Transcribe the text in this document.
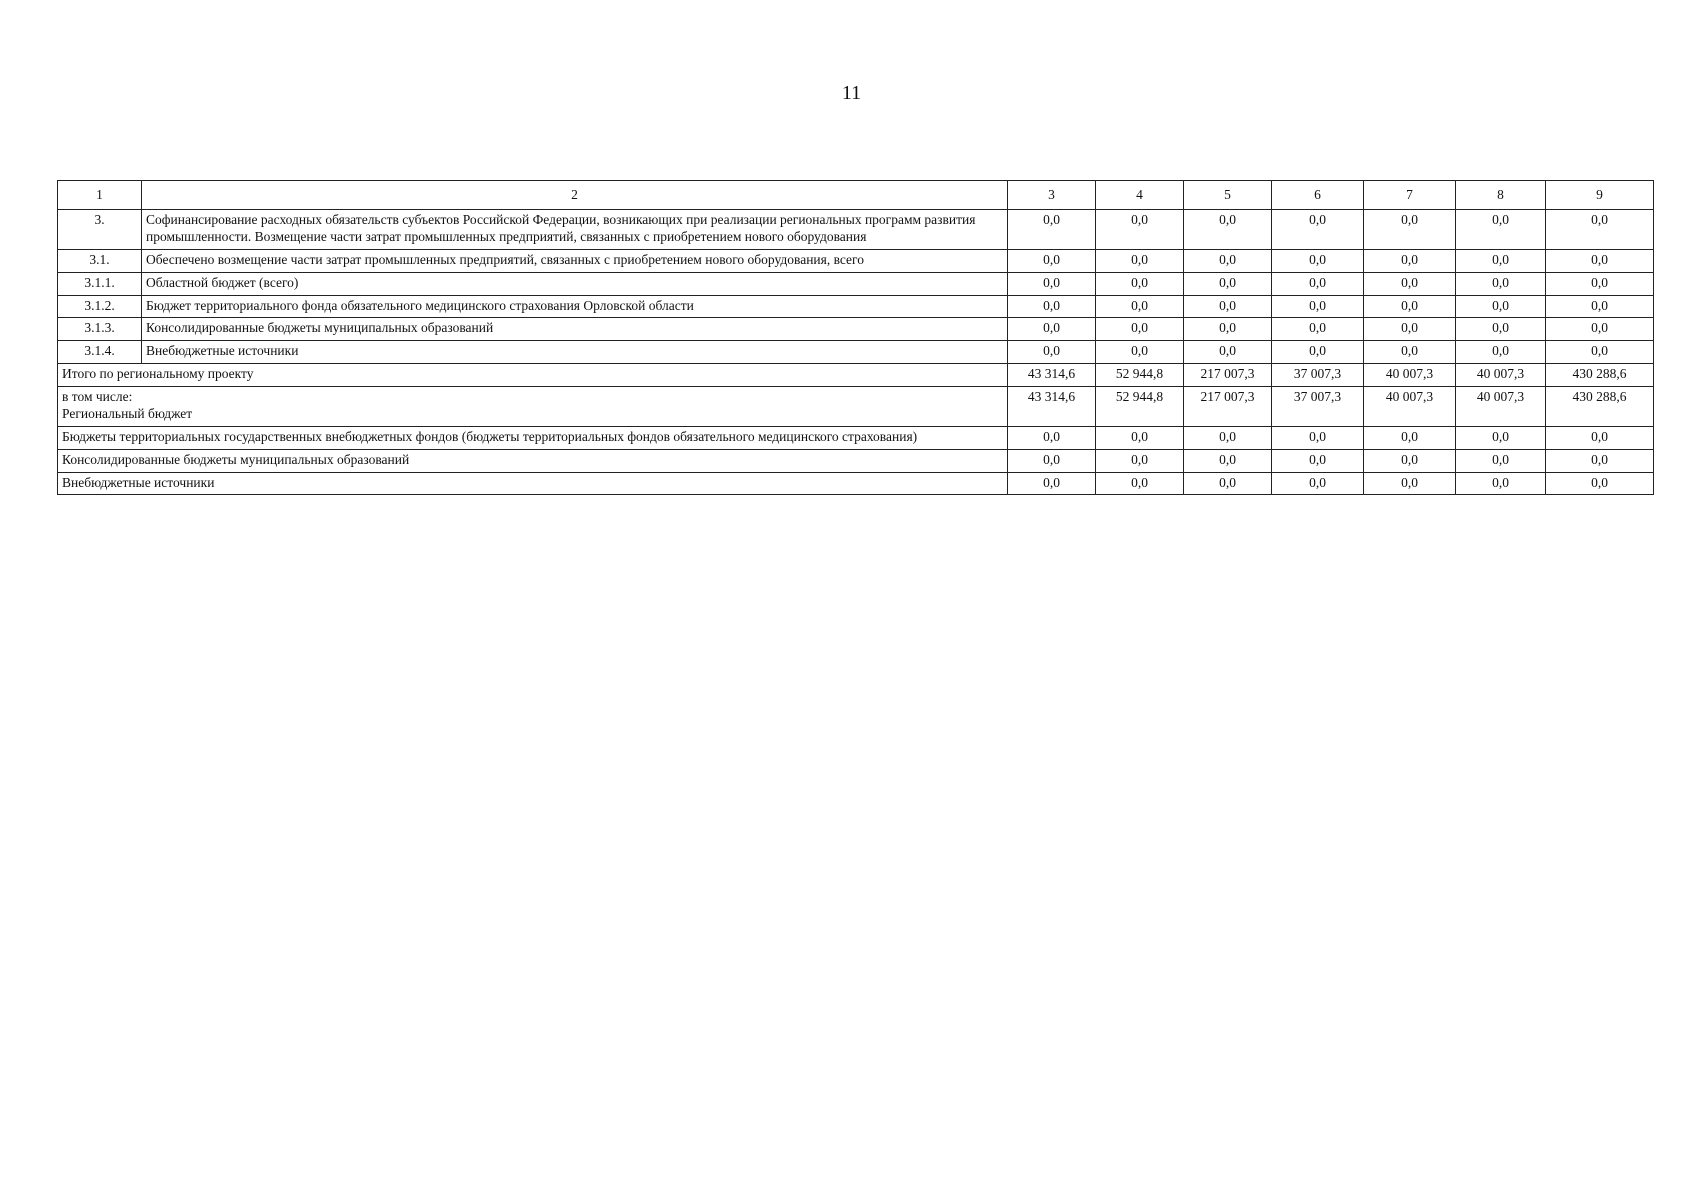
11
1	2	3	4	5	6	7	8	9
3.	Софинансирование расходных обязательств субъектов Российской Федерации, возникающих при реализации региональных программ развития промышленности. Возмещение части затрат промышленных предприятий, связанных с приобретением нового оборудования	0,0	0,0	0,0	0,0	0,0	0,0	0,0
3.1.	Обеспечено возмещение части затрат промышленных предприятий, связанных с приобретением нового оборудования, всего	0,0	0,0	0,0	0,0	0,0	0,0	0,0
3.1.1.	Областной бюджет (всего)	0,0	0,0	0,0	0,0	0,0	0,0	0,0
3.1.2.	Бюджет территориального фонда обязательного медицинского страхования Орловской области	0,0	0,0	0,0	0,0	0,0	0,0	0,0
3.1.3.	Консолидированные бюджеты муниципальных образований	0,0	0,0	0,0	0,0	0,0	0,0	0,0
3.1.4.	Внебюджетные источники	0,0	0,0	0,0	0,0	0,0	0,0	0,0
Итого по региональному проекту		43 314,6	52 944,8	217 007,3	37 007,3	40 007,3	40 007,3	430 288,6

в том числе:
Региональный бюджет		43 314,6	52 944,8	217 007,3	37 007,3	40 007,3	40 007,3	430 288,6
Бюджеты территориальных государственных внебюджетных фондов (бюджеты территориальных фондов обязательного медицинского страхования)		0,0	0,0	0,0	0,0	0,0	0,0	0,0
Консолидированные бюджеты муниципальных образований		0,0	0,0	0,0	0,0	0,0	0,0	0,0
Внебюджетные источники		0,0	0,0	0,0	0,0	0,0	0,0	0,0
